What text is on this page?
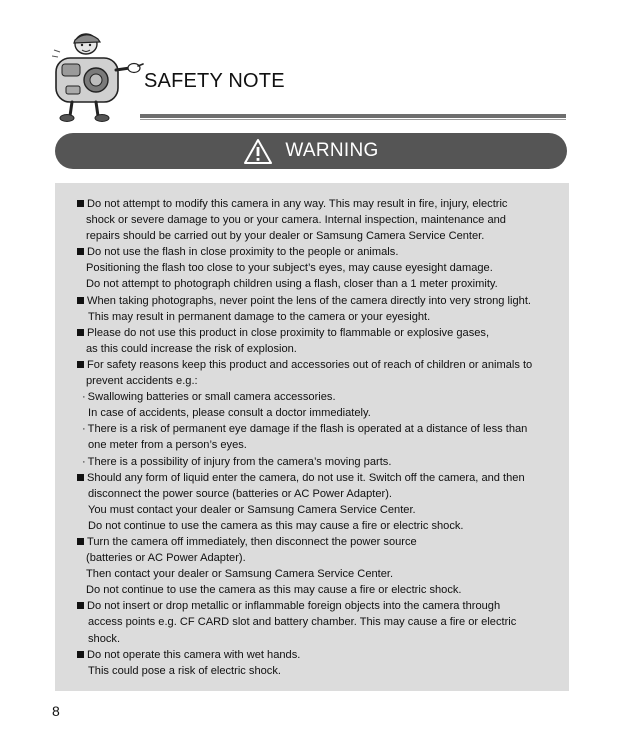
SAFETY NOTE
WARNING
Do not attempt to modify this camera in any way. This may result in fire, injury, electric
shock or severe damage to you or your camera. Internal inspection, maintenance and
repairs should be carried out by your dealer or Samsung Camera Service Center.
Do not use the flash in close proximity to the people or animals.
Positioning the flash too close to your subject’s eyes, may cause eyesight damage.
Do not attempt to photograph children using a flash, closer than a 1 meter proximity.
When taking photographs, never point the lens of the camera directly into very strong light.
This may result in permanent damage to the camera or your eyesight.
Please do not use this product in close proximity to flammable or explosive gases,
as this could increase the risk of explosion.
For safety reasons keep this product and accessories out of reach of children or animals to
prevent accidents e.g.:
· Swallowing batteries or small camera accessories.
In case of accidents, please consult a doctor immediately.
· There is a risk of permanent eye damage if the flash is operated at a distance of less than
one meter from a person’s eyes.
· There is a possibility of injury from the camera’s moving parts.
Should any form of liquid enter the camera, do not use it. Switch off the camera, and then
disconnect the power source (batteries or AC Power Adapter).
You must contact your dealer or Samsung Camera Service Center.
Do not continue to use the camera as this may cause a fire or electric shock.
Turn the camera off immediately, then disconnect the power source
(batteries or AC Power Adapter).
Then contact your dealer or Samsung Camera Service Center.
Do not continue to use the camera as this may cause a fire or electric shock.
Do not insert or drop metallic or inflammable foreign objects into the camera through
access points e.g. CF CARD slot and battery chamber. This may cause a fire or electric
shock.
Do not operate this camera with wet hands.
This could pose a risk of electric shock.
8
